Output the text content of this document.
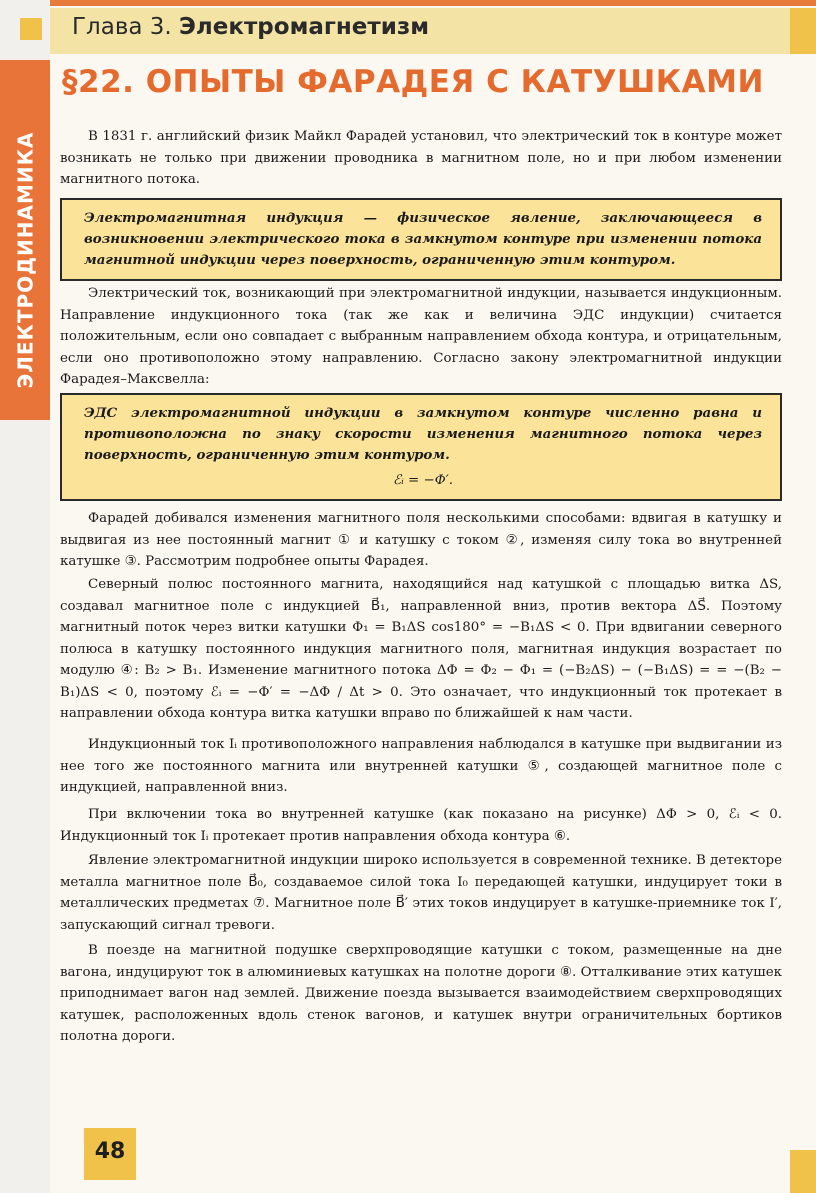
ЭЛЕКТРОДИНАМИКА
Глава 3. Электромагнетизм
§22. ОПЫТЫ ФАРАДЕЯ С КАТУШКАМИ

В 1831 г. английский физик Майкл Фарадей установил, что электрический ток в контуре может возникать не только при движении проводника в магнитном поле, но и при любом изменении магнитного потока.

Электромагнитная индукция — физическое явление, заключающееся в возникновении электрического тока в замкнутом контуре при изменении потока магнитной индукции через поверхность, ограниченную этим контуром.

Электрический ток, возникающий при электромагнитной индукции, называется индукционным. Направление индукционного тока (так же как и величина ЭДС индукции) считается положительным, если оно совпадает с выбранным направлением обхода контура, и отрицательным, если оно противоположно этому направлению. Согласно закону электромагнитной индукции Фарадея–Максвелла:

ЭДС электромагнитной индукции в замкнутом контуре численно равна и противоположна по знаку скорости изменения магнитного потока через поверхность, ограниченную этим контуром.

ℰᵢ = −Φ′.

Фарадей добивался изменения магнитного поля несколькими способами: вдвигая в катушку и выдвигая из нее постоянный магнит ① и катушку с током ②, изменяя силу тока во внутренней катушке ③. Рассмотрим подробнее опыты Фарадея.

Северный полюс постоянного магнита, находящийся над катушкой с площадью витка ΔS, создавал магнитное поле с индукцией B⃗₁, направленной вниз, против вектора ΔS⃗. Поэтому магнитный поток через витки катушки Φ₁ = B₁ΔS cos180° = −B₁ΔS < 0. При вдвигании северного полюса в катушку постоянного индукция магнитного поля, магнитная индукция возрастает по модулю ④: B₂ > B₁. Изменение магнитного потока ΔΦ = Φ₂ − Φ₁ = (−B₂ΔS) − (−B₁ΔS) = = −(B₂ − B₁)ΔS < 0, поэтому ℰᵢ = −Φ′ = −ΔΦ / Δt > 0. Это означает, что индукционный ток протекает в направлении обхода контура витка катушки вправо по ближайшей к нам части.

Индукционный ток Iᵢ противоположного направления наблюдался в катушке при выдвигании из нее того же постоянного магнита или внутренней катушки ⑤, создающей магнитное поле с индукцией, направленной вниз.

При включении тока во внутренней катушке (как показано на рисунке) ΔΦ > 0, ℰᵢ < 0. Индукционный ток Iᵢ протекает против направления обхода контура ⑥.

Явление электромагнитной индукции широко используется в современной технике. В детекторе металла магнитное поле B⃗₀, создаваемое силой тока I₀ передающей катушки, индуцирует токи в металлических предметах ⑦. Магнитное поле B⃗′ этих токов индуцирует в катушке-приемнике ток I′, запускающий сигнал тревоги.

В поезде на магнитной подушке сверхпроводящие катушки с током, размещенные на дне вагона, индуцируют ток в алюминиевых катушках на полотне дороги ⑧. Отталкивание этих катушек приподнимает вагон над землей. Движение поезда вызывается взаимодействием сверхпроводящих катушек, расположенных вдоль стенок вагонов, и катушек внутри ограничительных бортиков полотна дороги.

48
